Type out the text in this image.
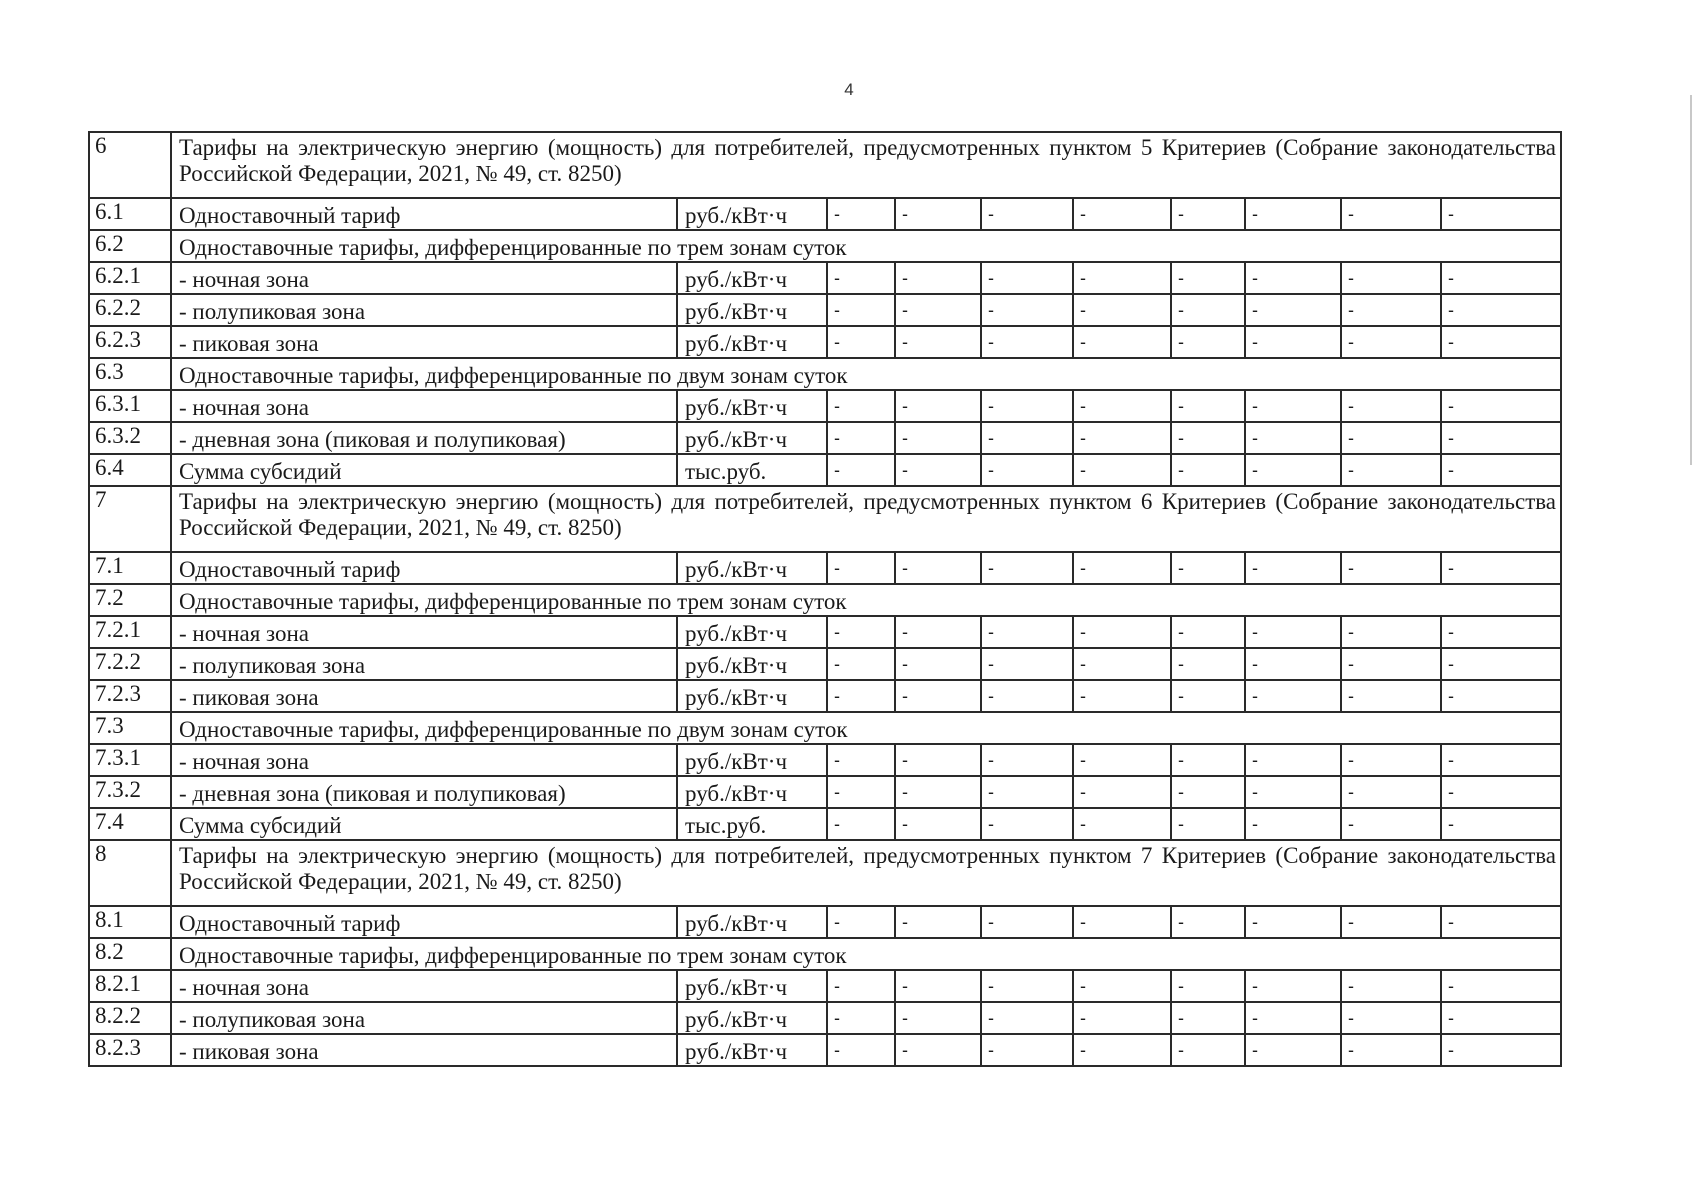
4
6	Тарифы на электрическую энергию (мощность) для потребителей, предусмотренных пунктом 5 Критериев (Собрание законодательства Российской Федерации, 2021, № 49, ст. 8250)									
6.1	Одноставочный тариф	руб./кВт·ч	-	-	-	-	-	-	-	-
6.2	Одноставочные тарифы, дифференцированные по трем зонам суток									
6.2.1	- ночная зона	руб./кВт·ч	-	-	-	-	-	-	-	-
6.2.2	- полупиковая зона	руб./кВт·ч	-	-	-	-	-	-	-	-
6.2.3	- пиковая зона	руб./кВт·ч	-	-	-	-	-	-	-	-
6.3	Одноставочные тарифы, дифференцированные по двум зонам суток									
6.3.1	- ночная зона	руб./кВт·ч	-	-	-	-	-	-	-	-
6.3.2	- дневная зона (пиковая и полупиковая)	руб./кВт·ч	-	-	-	-	-	-	-	-
6.4	Сумма субсидий	тыс.руб.	-	-	-	-	-	-	-	-
7	Тарифы на электрическую энергию (мощность) для потребителей, предусмотренных пунктом 6 Критериев (Собрание законодательства Российской Федерации, 2021, № 49, ст. 8250)									
7.1	Одноставочный тариф	руб./кВт·ч	-	-	-	-	-	-	-	-
7.2	Одноставочные тарифы, дифференцированные по трем зонам суток									
7.2.1	- ночная зона	руб./кВт·ч	-	-	-	-	-	-	-	-
7.2.2	- полупиковая зона	руб./кВт·ч	-	-	-	-	-	-	-	-
7.2.3	- пиковая зона	руб./кВт·ч	-	-	-	-	-	-	-	-
7.3	Одноставочные тарифы, дифференцированные по двум зонам суток									
7.3.1	- ночная зона	руб./кВт·ч	-	-	-	-	-	-	-	-
7.3.2	- дневная зона (пиковая и полупиковая)	руб./кВт·ч	-	-	-	-	-	-	-	-
7.4	Сумма субсидий	тыс.руб.	-	-	-	-	-	-	-	-
8	Тарифы на электрическую энергию (мощность) для потребителей, предусмотренных пунктом 7 Критериев (Собрание законодательства Российской Федерации, 2021, № 49, ст. 8250)									
8.1	Одноставочный тариф	руб./кВт·ч	-	-	-	-	-	-	-	-
8.2	Одноставочные тарифы, дифференцированные по трем зонам суток									
8.2.1	- ночная зона	руб./кВт·ч	-	-	-	-	-	-	-	-
8.2.2	- полупиковая зона	руб./кВт·ч	-	-	-	-	-	-	-	-
8.2.3	- пиковая зона	руб./кВт·ч	-	-	-	-	-	-	-	-
